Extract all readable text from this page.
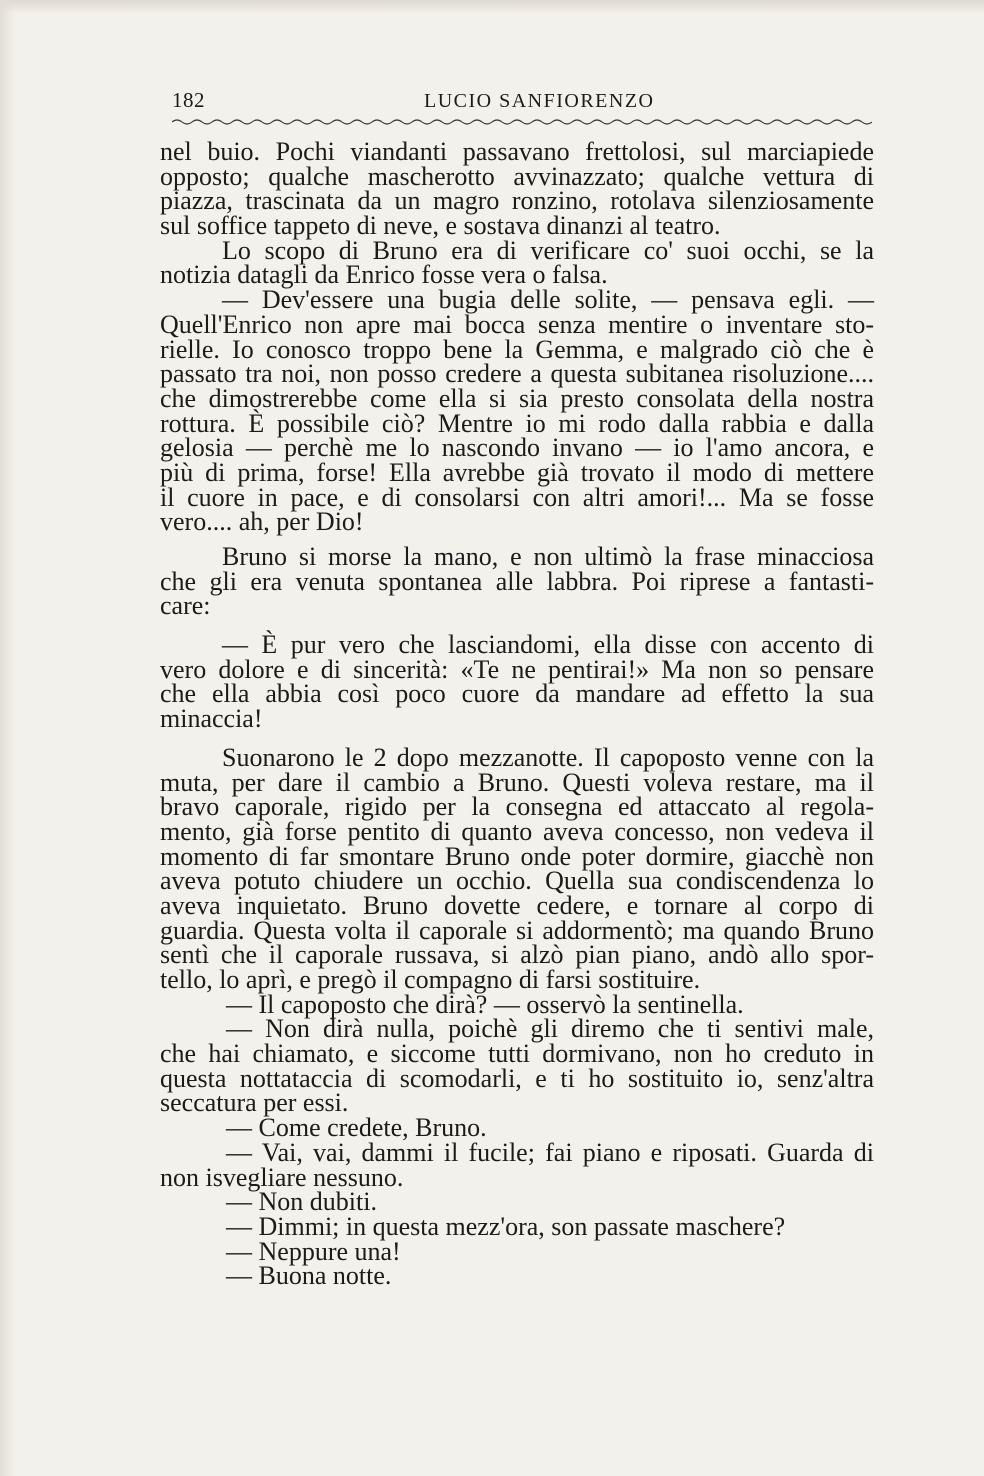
182	LUCIO SANFIORENZO
nel buio. Pochi viandanti passavano frettolosi, sul marciapiede
opposto; qualche mascherotto avvinazzato; qualche vettura di
piazza, trascinata da un magro ronzino, rotolava silenziosamente
sul soffice tappeto di neve, e sostava dinanzi al teatro.
Lo scopo di Bruno era di verificare co' suoi occhi, se la
notizia datagli da Enrico fosse vera o falsa.
— Dev'essere una bugia delle solite, — pensava egli. —
Quell'Enrico non apre mai bocca senza mentire o inventare sto-
rielle. Io conosco troppo bene la Gemma, e malgrado ciò che è
passato tra noi, non posso credere a questa subitanea risoluzione....
che dimostrerebbe come ella si sia presto consolata della nostra
rottura. È possibile ciò? Mentre io mi rodo dalla rabbia e dalla
gelosia — perchè me lo nascondo invano — io l'amo ancora, e
più di prima, forse! Ella avrebbe già trovato il modo di mettere
il cuore in pace, e di consolarsi con altri amori!... Ma se fosse
vero.... ah, per Dio!
Bruno si morse la mano, e non ultimò la frase minacciosa
che gli era venuta spontanea alle labbra. Poi riprese a fantasti-
care:
— È pur vero che lasciandomi, ella disse con accento di
vero dolore e di sincerità: «Te ne pentirai!» Ma non so pensare
che ella abbia così poco cuore da mandare ad effetto la sua
minaccia!
Suonarono le 2 dopo mezzanotte. Il capoposto venne con la
muta, per dare il cambio a Bruno. Questi voleva restare, ma il
bravo caporale, rigido per la consegna ed attaccato al regola-
mento, già forse pentito di quanto aveva concesso, non vedeva il
momento di far smontare Bruno onde poter dormire, giacchè non
aveva potuto chiudere un occhio. Quella sua condiscendenza lo
aveva inquietato. Bruno dovette cedere, e tornare al corpo di
guardia. Questa volta il caporale si addormentò; ma quando Bruno
sentì che il caporale russava, si alzò pian piano, andò allo spor-
tello, lo aprì, e pregò il compagno di farsi sostituire.
— Il capoposto che dirà? — osservò la sentinella.
— Non dirà nulla, poichè gli diremo che ti sentivi male,
che hai chiamato, e siccome tutti dormivano, non ho creduto in
questa nottataccia di scomodarli, e ti ho sostituito io, senz'altra
seccatura per essi.
— Come credete, Bruno.
— Vai, vai, dammi il fucile; fai piano e riposati. Guarda di
non isvegliare nessuno.
— Non dubiti.
— Dimmi; in questa mezz'ora, son passate maschere?
— Neppure una!
— Buona notte.
